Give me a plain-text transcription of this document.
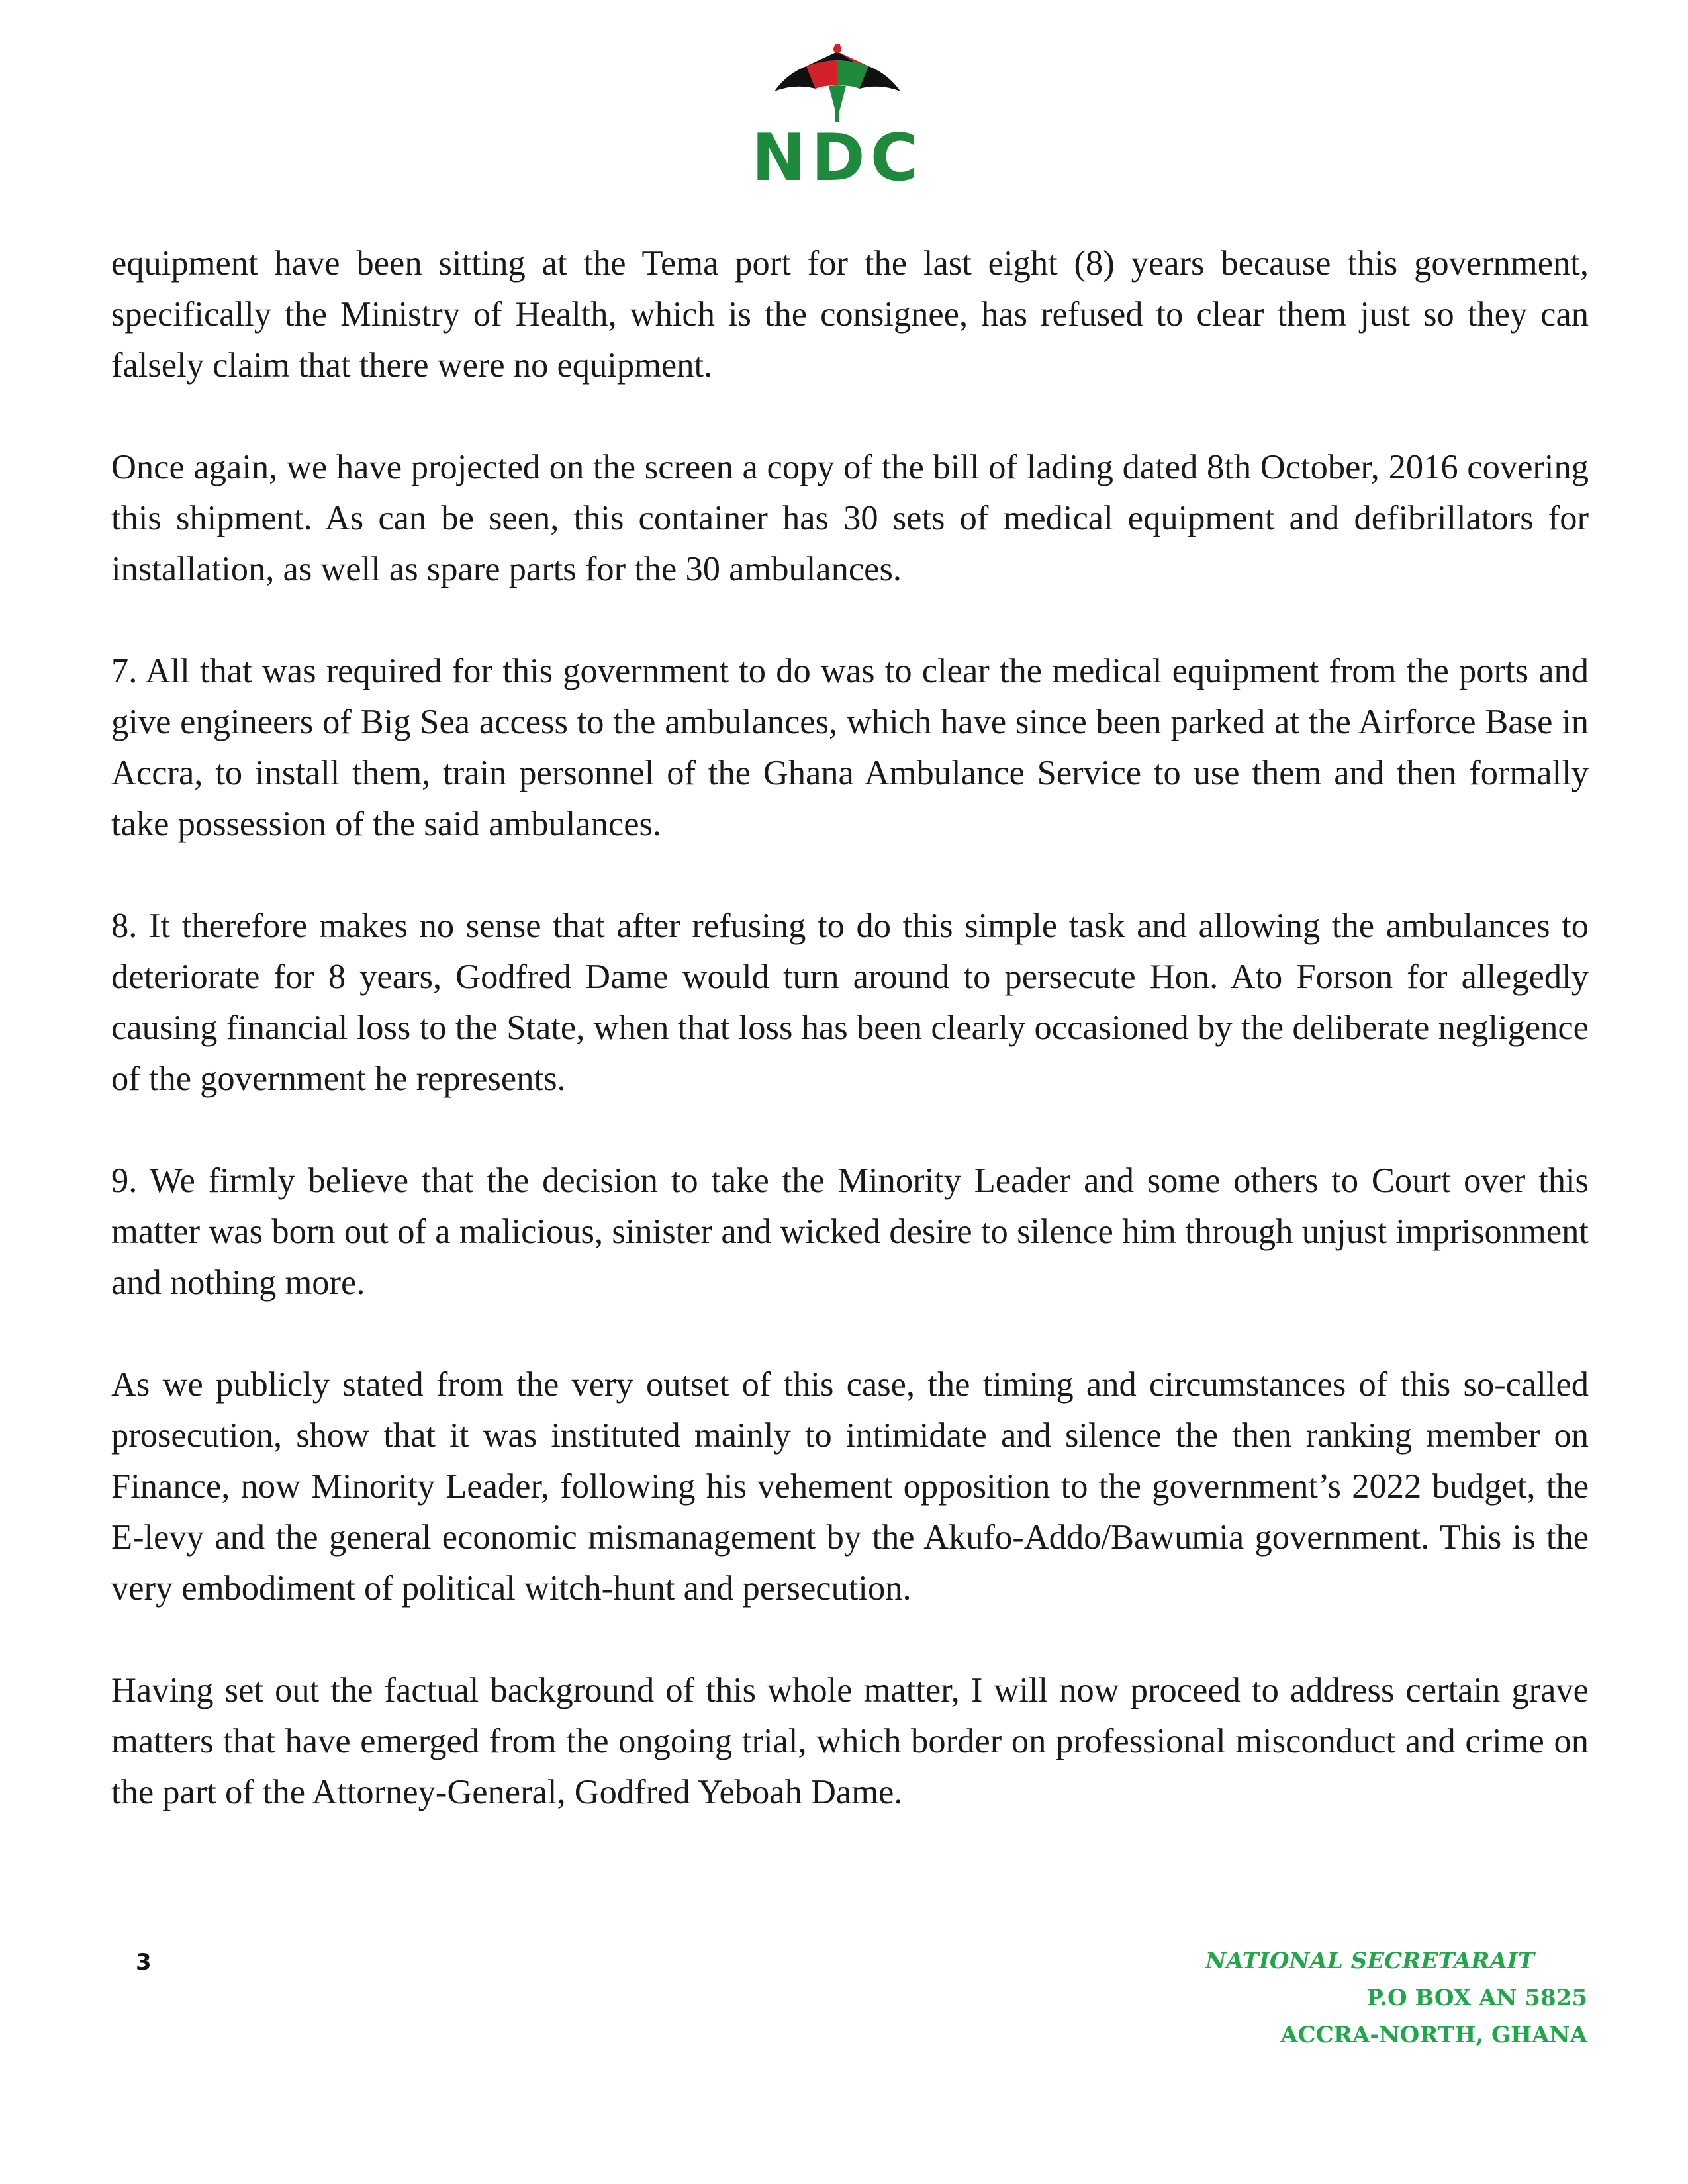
NDC

equipment have been sitting at the Tema port for the last eight (8) years because this government, specifically the Ministry of Health, which is the consignee, has refused to clear them just so they can falsely claim that there were no equipment.

Once again, we have projected on the screen a copy of the bill of lading dated 8th October, 2016 covering this shipment. As can be seen, this container has 30 sets of medical equipment and defibrillators for installation, as well as spare parts for the 30 ambulances.

7. All that was required for this government to do was to clear the medical equipment from the ports and give engineers of Big Sea access to the ambulances, which have since been parked at the Airforce Base in Accra, to install them, train personnel of the Ghana Ambulance Service to use them and then formally take possession of the said ambulances.

8. It therefore makes no sense that after refusing to do this simple task and allowing the ambulances to deteriorate for 8 years, Godfred Dame would turn around to persecute Hon. Ato Forson for allegedly causing financial loss to the State, when that loss has been clearly occasioned by the deliberate negligence of the government he represents.

9. We firmly believe that the decision to take the Minority Leader and some others to Court over this matter was born out of a malicious, sinister and wicked desire to silence him through unjust imprisonment and nothing more.

As we publicly stated from the very outset of this case, the timing and circumstances of this so-called prosecution, show that it was instituted mainly to intimidate and silence the then ranking member on Finance, now Minority Leader, following his vehement opposition to the government’s 2022 budget, the E-levy and the general economic mismanagement by the Akufo-Addo/Bawumia government. This is the very embodiment of political witch-hunt and persecution.

Having set out the factual background of this whole matter, I will now proceed to address certain grave matters that have emerged from the ongoing trial, which border on professional misconduct and crime on the part of the Attorney-General, Godfred Yeboah Dame.

3	NATIONAL SECRETARAIT
P.O BOX AN 5825
ACCRA-NORTH, GHANA
